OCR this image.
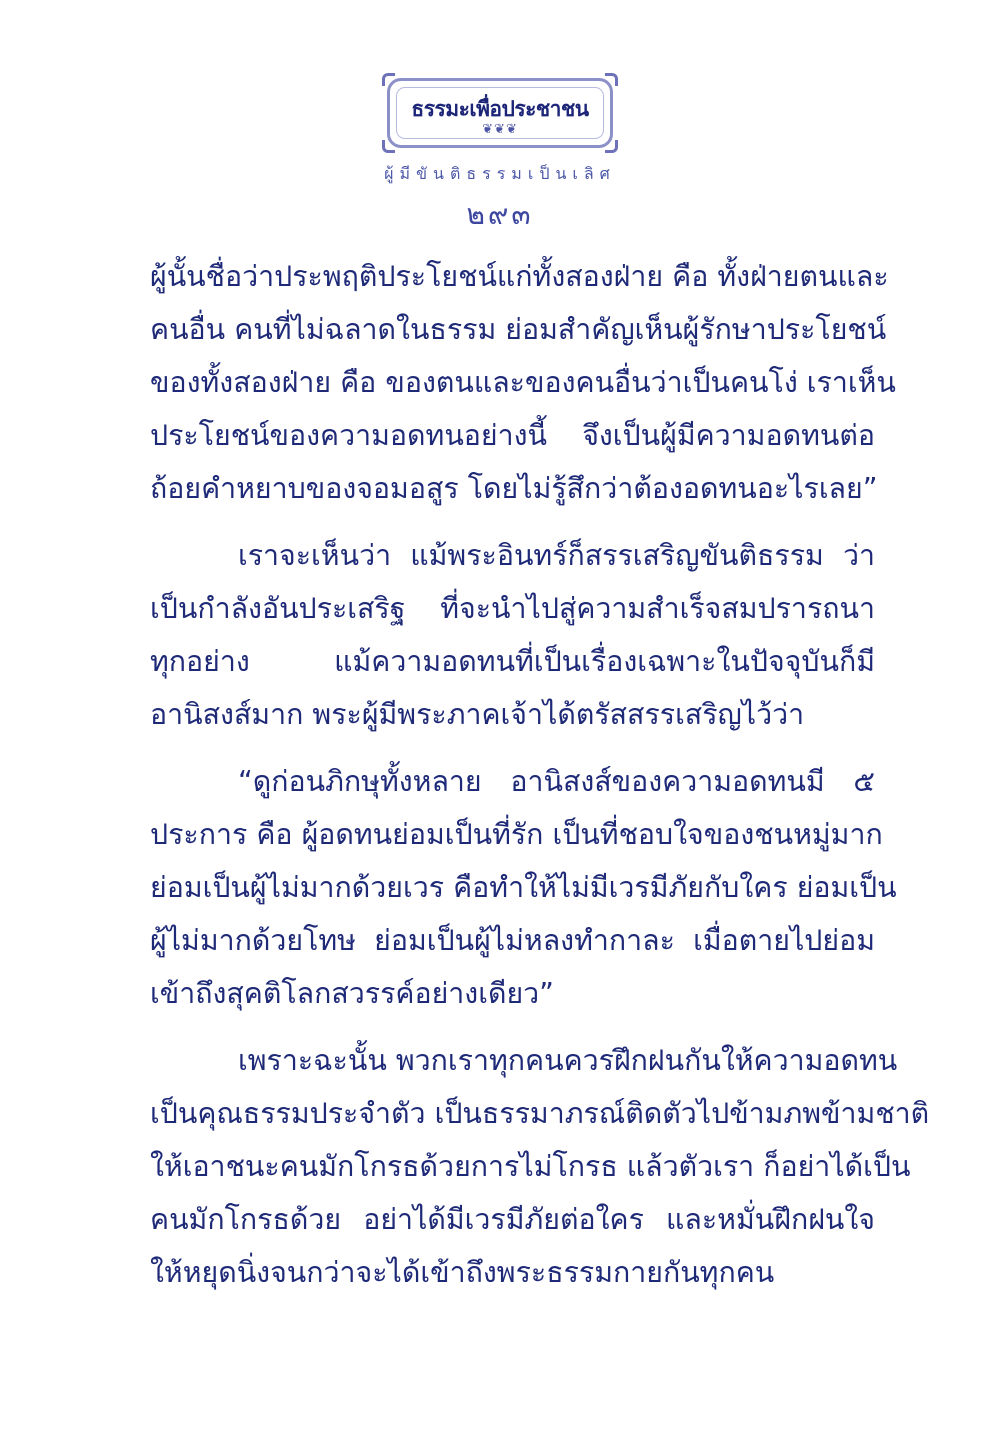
ธรรมะเพื่อประชาชน
❦❦❦
ผู้มีขันติธรรมเป็นเลิศ
๒๙๓

ผู้นั้นชื่อว่าประพฤติประโยชน์แก่ทั้งสองฝ่าย คือ ทั้งฝ่ายตนและ
คนอื่น คนที่ไม่ฉลาดในธรรม ย่อมสำคัญเห็นผู้รักษาประโยชน์
ของทั้งสองฝ่าย คือ ของตนและของคนอื่นว่าเป็นคนโง่ เราเห็น
ประโยชน์ของความอดทนอย่างนี้ จึงเป็นผู้มีความอดทนต่อ
ถ้อยคำหยาบของจอมอสูร โดยไม่รู้สึกว่าต้องอดทนอะไรเลย”

เราจะเห็นว่า แม้พระอินทร์ก็สรรเสริญขันติธรรม ว่า
เป็นกำลังอันประเสริฐ ที่จะนำไปสู่ความสำเร็จสมปรารถนา
ทุกอย่าง แม้ความอดทนที่เป็นเรื่องเฉพาะในปัจจุบันก็มี
อานิสงส์มาก พระผู้มีพระภาคเจ้าได้ตรัสสรรเสริญไว้ว่า

“ดูก่อนภิกษุทั้งหลาย อานิสงส์ของความอดทนมี ๕
ประการ คือ ผู้อดทนย่อมเป็นที่รัก เป็นที่ชอบใจของชนหมู่มาก
ย่อมเป็นผู้ไม่มากด้วยเวร คือทำให้ไม่มีเวรมีภัยกับใคร ย่อมเป็น
ผู้ไม่มากด้วยโทษ ย่อมเป็นผู้ไม่หลงทำกาละ เมื่อตายไปย่อม
เข้าถึงสุคติโลกสวรรค์อย่างเดียว”

เพราะฉะนั้น พวกเราทุกคนควรฝึกฝนกันให้ความอดทน
เป็นคุณธรรมประจำตัว เป็นธรรมาภรณ์ติดตัวไปข้ามภพข้ามชาติ
ให้เอาชนะคนมักโกรธด้วยการไม่โกรธ แล้วตัวเรา ก็อย่าได้เป็น
คนมักโกรธด้วย อย่าได้มีเวรมีภัยต่อใคร และหมั่นฝึกฝนใจ
ให้หยุดนิ่งจนกว่าจะได้เข้าถึงพระธรรมกายกันทุกคน
